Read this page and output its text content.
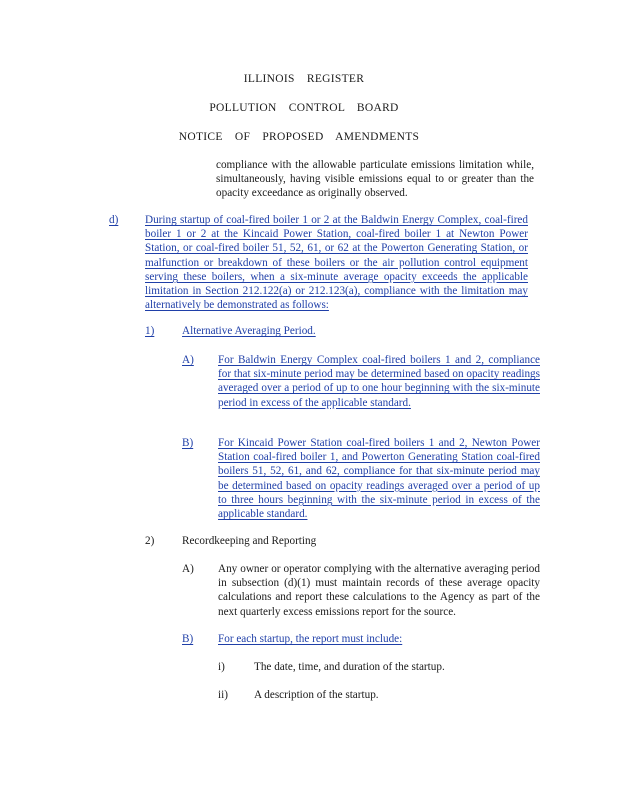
ILLINOIS REGISTER
POLLUTION CONTROL BOARD
NOTICE OF PROPOSED AMENDMENTS
compliance with the allowable particulate emissions limitation while, simultaneously, having visible emissions equal to or greater than the opacity exceedance as originally observed.
d) During startup of coal-fired boiler 1 or 2 at the Baldwin Energy Complex, coal-fired boiler 1 or 2 at the Kincaid Power Station, coal-fired boiler 1 at Newton Power Station, or coal-fired boiler 51, 52, 61, or 62 at the Powerton Generating Station, or malfunction or breakdown of these boilers or the air pollution control equipment serving these boilers, when a six-minute average opacity exceeds the applicable limitation in Section 212.122(a) or 212.123(a), compliance with the limitation may alternatively be demonstrated as follows:
1) Alternative Averaging Period.
A) For Baldwin Energy Complex coal-fired boilers 1 and 2, compliance for that six-minute period may be determined based on opacity readings averaged over a period of up to one hour beginning with the six-minute period in excess of the applicable standard.
B) For Kincaid Power Station coal-fired boilers 1 and 2, Newton Power Station coal-fired boiler 1, and Powerton Generating Station coal-fired boilers 51, 52, 61, and 62, compliance for that six-minute period may be determined based on opacity readings averaged over a period of up to three hours beginning with the six-minute period in excess of the applicable standard.
2) Recordkeeping and Reporting
A) Any owner or operator complying with the alternative averaging period in subsection (d)(1) must maintain records of these average opacity calculations and report these calculations to the Agency as part of the next quarterly excess emissions report for the source.
B) For each startup, the report must include:
i)	The date, time, and duration of the startup.
ii) A description of the startup.
